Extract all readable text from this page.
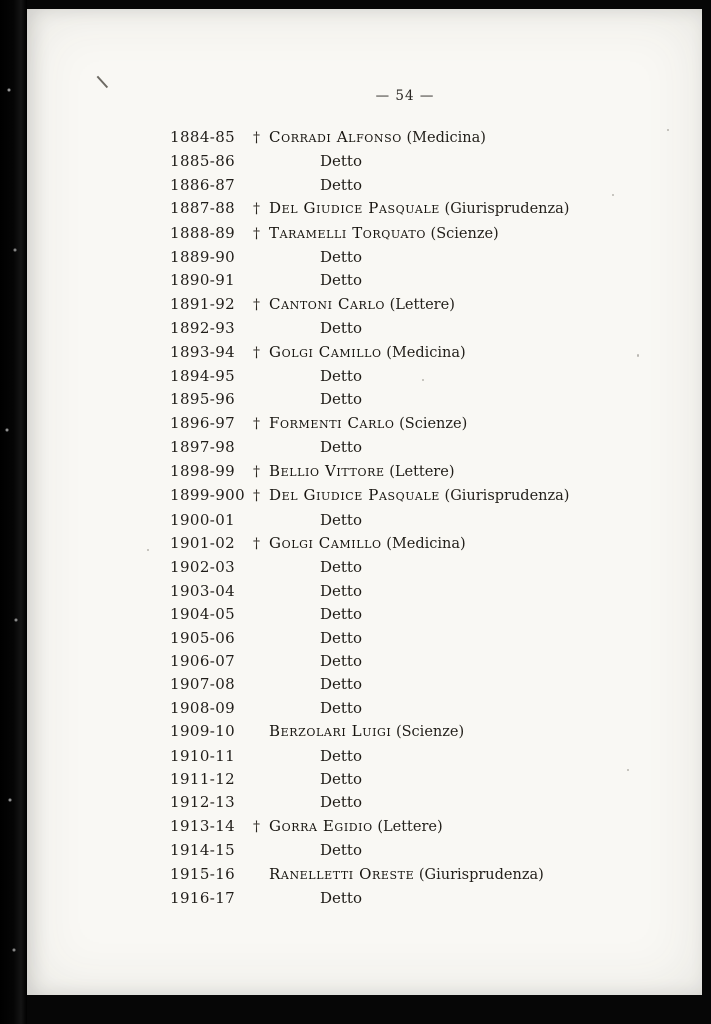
— 54 —
1884-85	† Corradi Alfonso (Medicina)
1885-86	Detto
1886-87	Detto
1887-88	† Del Giudice Pasquale (Giurisprudenza)
1888-89	† Taramelli Torquato (Scienze)
1889-90	Detto
1890-91	Detto
1891-92	† Cantoni Carlo (Lettere)
1892-93	Detto
1893-94	† Golgi Camillo (Medicina)
1894-95	Detto
1895-96	Detto
1896-97	† Formenti Carlo (Scienze)
1897-98	Detto
1898-99	† Bellio Vittore (Lettere)
1899-900 † Del Giudice Pasquale (Giurisprudenza)
1900-01	Detto
1901-02	† Golgi Camillo (Medicina)
1902-03	Detto
1903-04	Detto
1904-05	Detto
1905-06	Detto
1906-07	Detto
1907-08	Detto
1908-09	Detto
1909-10	Berzolari Luigi (Scienze)
1910-11	Detto
1911-12	Detto
1912-13	Detto
1913-14	† Gorra Egidio (Lettere)
1914-15	Detto
1915-16	Ranelletti Oreste (Giurisprudenza)
1916-17	Detto
